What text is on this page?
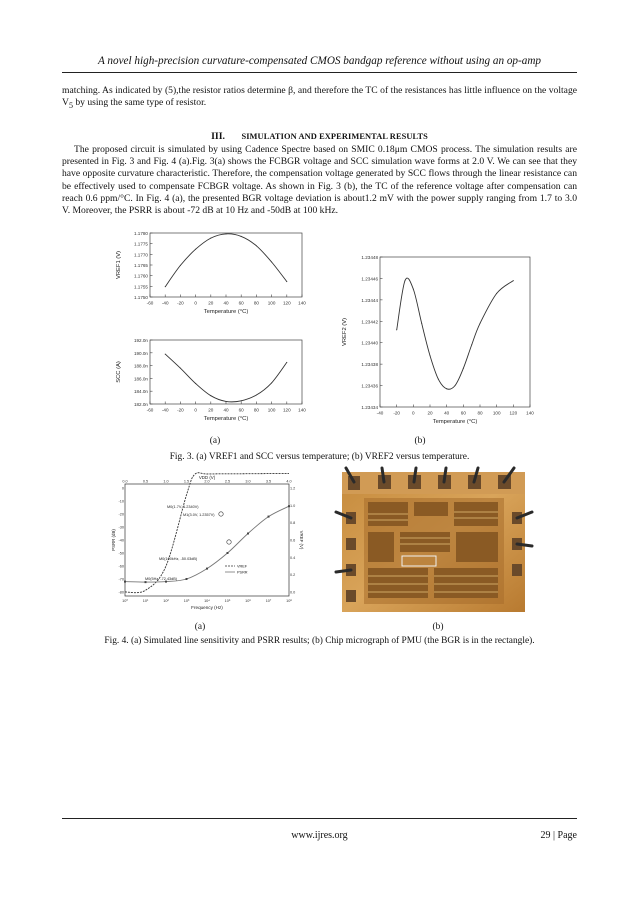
A novel high-precision curvature-compensated CMOS bandgap reference without using an op-amp
matching. As indicated by (5),the resistor ratios determine β, and therefore the TC of the resistances has little influence on the voltage $V_5$ by using the same type of resistor.
III. SIMULATION AND EXPERIMENTAL RESULTS
The proposed circuit is simulated by using Cadence Spectre based on SMIC 0.18μm CMOS process. The simulation results are presented in Fig. 3 and Fig. 4 (a).Fig. 3(a) shows the FCBGR voltage and SCC simulation wave forms at 2.0 V. We can see that they have opposite curvature characteristic. Therefore, the compensation voltage generated by SCC flows through the linear resistance can be effectively used to compensate FCBGR voltage. As shown in Fig. 3 (b), the TC of the reference voltage after compensation can reach 0.6 ppm/°C. In Fig. 4 (a), the presented BGR voltage deviation is about1.2 mV with the power supply ranging from 1.7 to 3.0 V. Moreover, the PSRR is about -72 dB at 10 Hz and -50dB at 100 kHz.
-60 -40 -20 0 20 40 60 80 100 120 140
1.1750
1.1755
1.1760
1.1765
1.1770
1.1775
1.1780
Temperature (°C)
VREF1 (V)
-60 -40 -20 0 20 40 60 80 100 120 140
182.0n
184.0n
186.0n
188.0n
190.0n
192.0n
Temperature (°C)
SCC (A)
-40 -20	0	20	40	60	80 100 120 140
1.23434
1.23436
1.23438
1.23440
1.23442
1.23444
1.23446
1.23448
Temperature (°C)
VREF2 (V)
(a)	(b)
Fig. 3. (a) VREF1 and SCC versus temperature; (b) VREF2 versus temperature.
VDD (V)
0.0	0.5	1.0	1.5	2.0	2.5	3.0	3.5	4.0
0
-10
-20
-30
-40
-50
-60
-70
-80
1.2
1.0
0.8
0.6
0.4
0.2
0.0
10⁰	10¹	10²	10³	10⁴	10⁵	10⁶	10⁷	10⁸
Frequency (Hz)
PSRR (dB)	VREF (V)
M0(1.7V, 1.2340V)
M1(3.0V, 1.2357V)
M0(100kHz, -50.03dB)
M0(5Hz, -72.43dB)
VREF
PSRR
(a)	(b)
Fig. 4. (a) Simulated line sensitivity and PSRR results; (b) Chip micrograph of PMU (the BGR is in the rectangle).
www.ijres.org	29 | Page
